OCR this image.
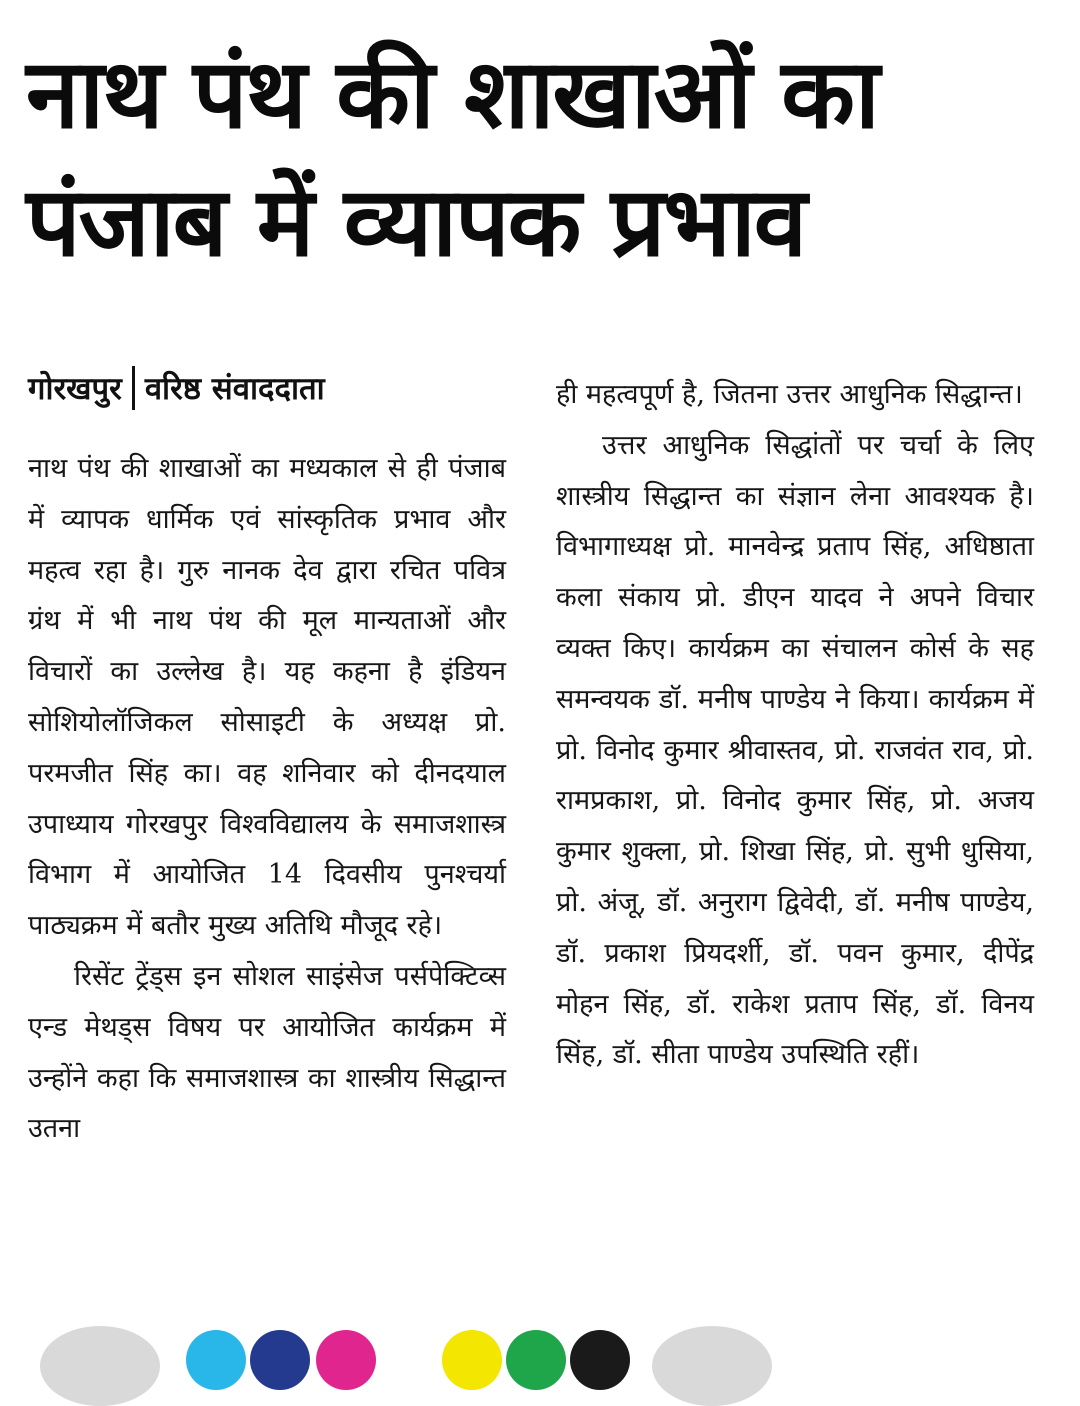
नाथ पंथ की शाखाओं का
पंजाब में व्यापक प्रभाव
गोरखपुर वरिष्ठ संवाददाता

नाथ पंथ की शाखाओं का मध्यकाल से ही पंजाब में व्यापक धार्मिक एवं सांस्कृतिक प्रभाव और महत्व रहा है। गुरु नानक देव द्वारा रचित पवित्र ग्रंथ में भी नाथ पंथ की मूल मान्यताओं और विचारों का उल्लेख है। यह कहना है इंडियन सोशियोलॉजिकल सोसाइटी के अध्यक्ष प्रो. परमजीत सिंह का। वह शनिवार को दीनदयाल उपाध्याय गोरखपुर विश्वविद्यालय के समाजशास्त्र विभाग में आयोजित 14 दिवसीय पुनश्चर्या पाठ्यक्रम में बतौर मुख्य अतिथि मौजूद रहे।

रिसेंट ट्रेंड्स इन सोशल साइंसेज पर्सपेक्टिव्स एन्ड मेथड्स विषय पर आयोजित कार्यक्रम में उन्होंने कहा कि समाजशास्त्र का शास्त्रीय सिद्धान्त उतना

ही महत्वपूर्ण है, जितना उत्तर आधुनिक सिद्धान्त।

उत्तर आधुनिक सिद्धांतों पर चर्चा के लिए शास्त्रीय सिद्धान्त का संज्ञान लेना आवश्यक है। विभागाध्यक्ष प्रो. मानवेन्द्र प्रताप सिंह, अधिष्ठाता कला संकाय प्रो. डीएन यादव ने अपने विचार व्यक्त किए। कार्यक्रम का संचालन कोर्स के सह समन्वयक डॉ. मनीष पाण्डेय ने किया। कार्यक्रम में प्रो. विनोद कुमार श्रीवास्तव, प्रो. राजवंत राव, प्रो. रामप्रकाश, प्रो. विनोद कुमार सिंह, प्रो. अजय कुमार शुक्ला, प्रो. शिखा सिंह, प्रो. सुभी धुसिया, प्रो. अंजू, डॉ. अनुराग द्विवेदी, डॉ. मनीष पाण्डेय, डॉ. प्रकाश प्रियदर्शी, डॉ. पवन कुमार, दीपेंद्र मोहन सिंह, डॉ. राकेश प्रताप सिंह, डॉ. विनय सिंह, डॉ. सीता पाण्डेय उपस्थिति रहीं।
